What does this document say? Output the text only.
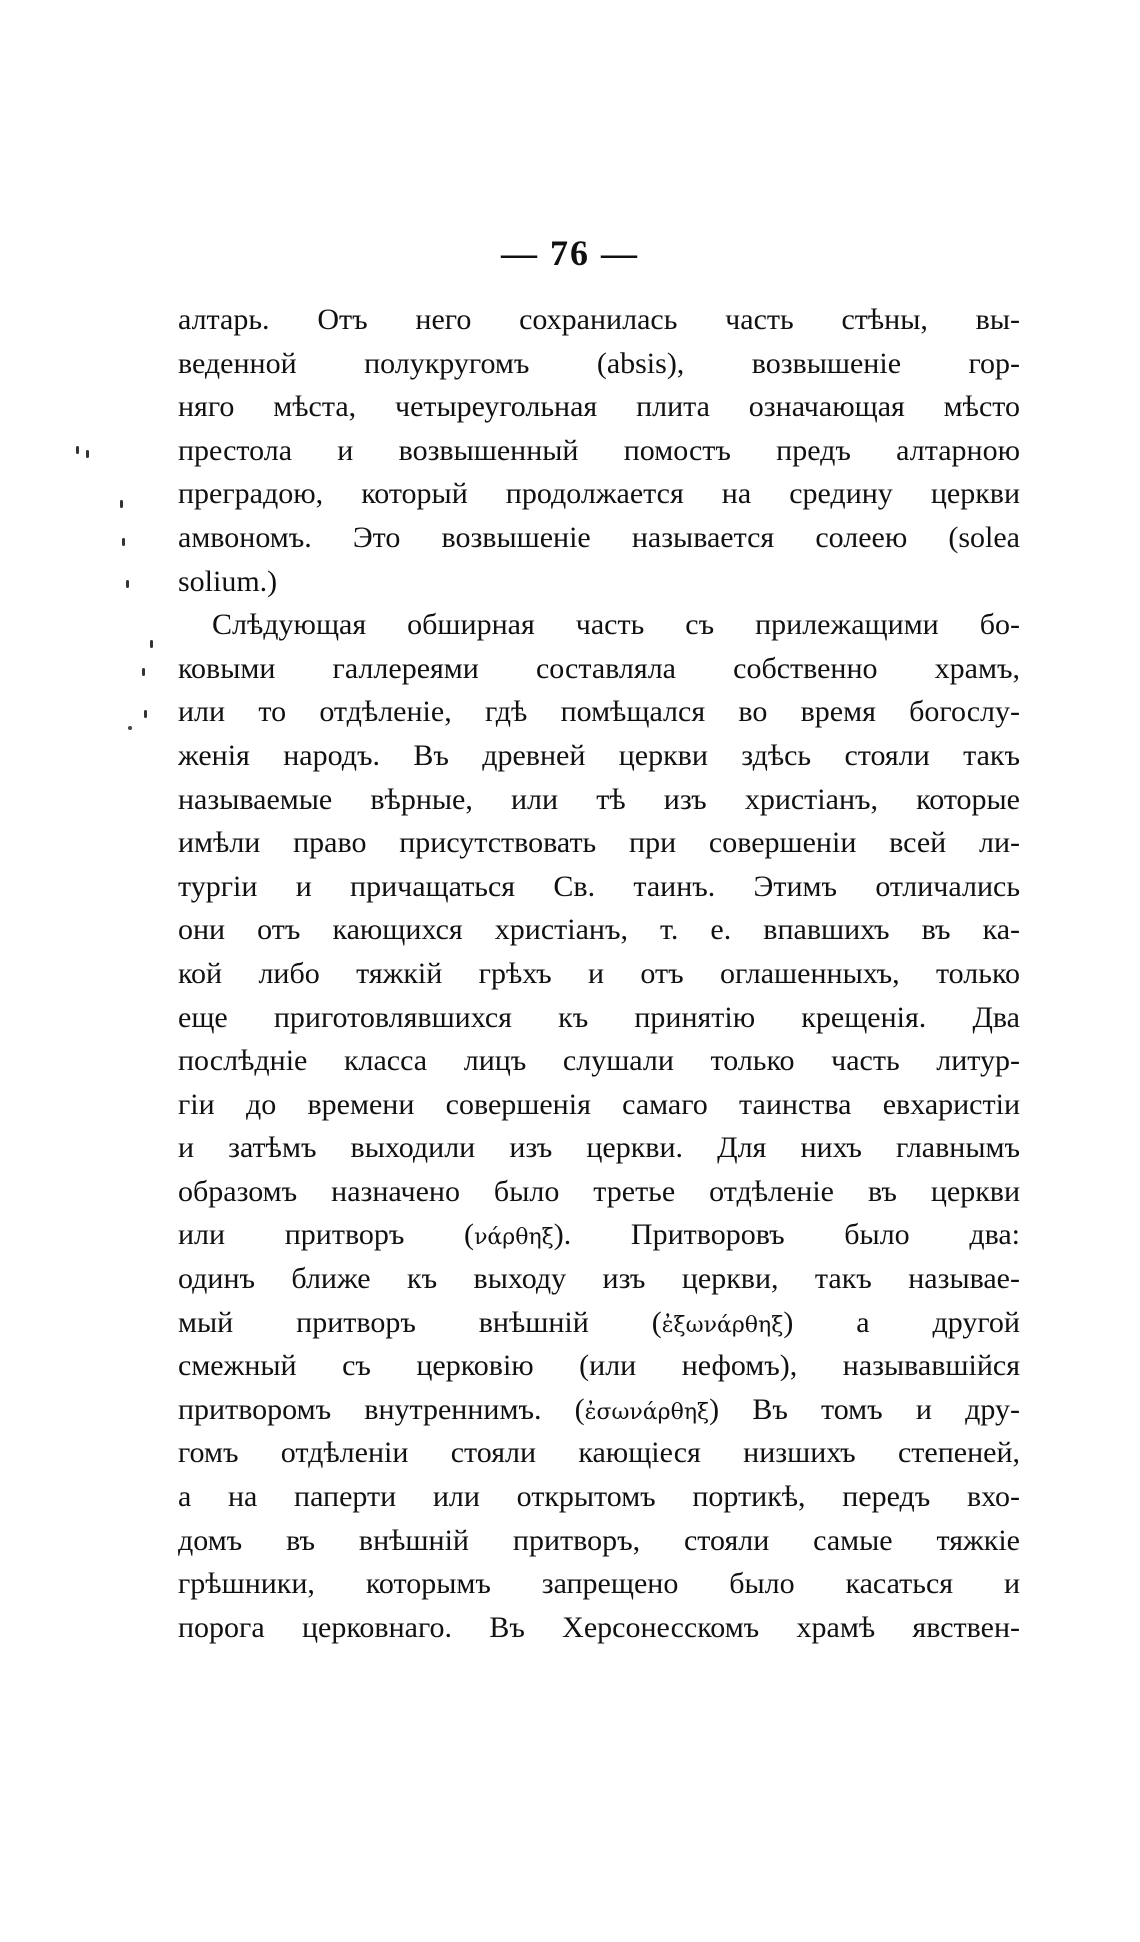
— 76 —
алтарь. Отъ него сохранилась часть стѣны, вы-
веденной полукругомъ (absis), возвышеніе гор-
няго мѣста, четыреугольная плита означающая мѣсто
престола и возвышенный помостъ предъ алтарною
преградою, который продолжается на средину церкви
амвономъ. Это возвышеніе называется солеею (solea
solium.)
Слѣдующая обширная часть съ прилежащими бо-
ковыми галлереями составляла собственно храмъ,
или то отдѣленіе, гдѣ помѣщался во время богослу-
женія народъ. Въ древней церкви здѣсь стояли такъ
называемые вѣрные, или тѣ изъ христіанъ, которые
имѣли право присутствовать при совершеніи всей ли-
тургіи и причащаться Св. таинъ. Этимъ отличались
они отъ кающихся христіанъ, т. е. впавшихъ въ ка-
кой либо тяжкій грѣхъ и отъ оглашенныхъ, только
еще приготовлявшихся къ принятію крещенія. Два
послѣдніе класса лицъ слушали только часть литур-
гіи до времени совершенія самаго таинства евхаристіи
и затѣмъ выходили изъ церкви. Для нихъ главнымъ
образомъ назначено было третье отдѣленіе въ церкви
или притворъ (νάρθηξ). Притворовъ было два:
одинъ ближе къ выходу изъ церкви, такъ называе-
мый притворъ внѣшній (ἐξωνάρθηξ) а другой
смежный съ церковію (или нефомъ), называвшійся
притворомъ внутреннимъ. (ἐσωνάρθηξ) Въ томъ и дру-
гомъ отдѣленіи стояли кающіеся низшихъ степеней,
а на паперти или открытомъ портикѣ, передъ вхо-
домъ въ внѣшній притворъ, стояли самые тяжкіе
грѣшники, которымъ запрещено было касаться и
порога церковнаго. Въ Херсонесскомъ храмѣ явствен-
